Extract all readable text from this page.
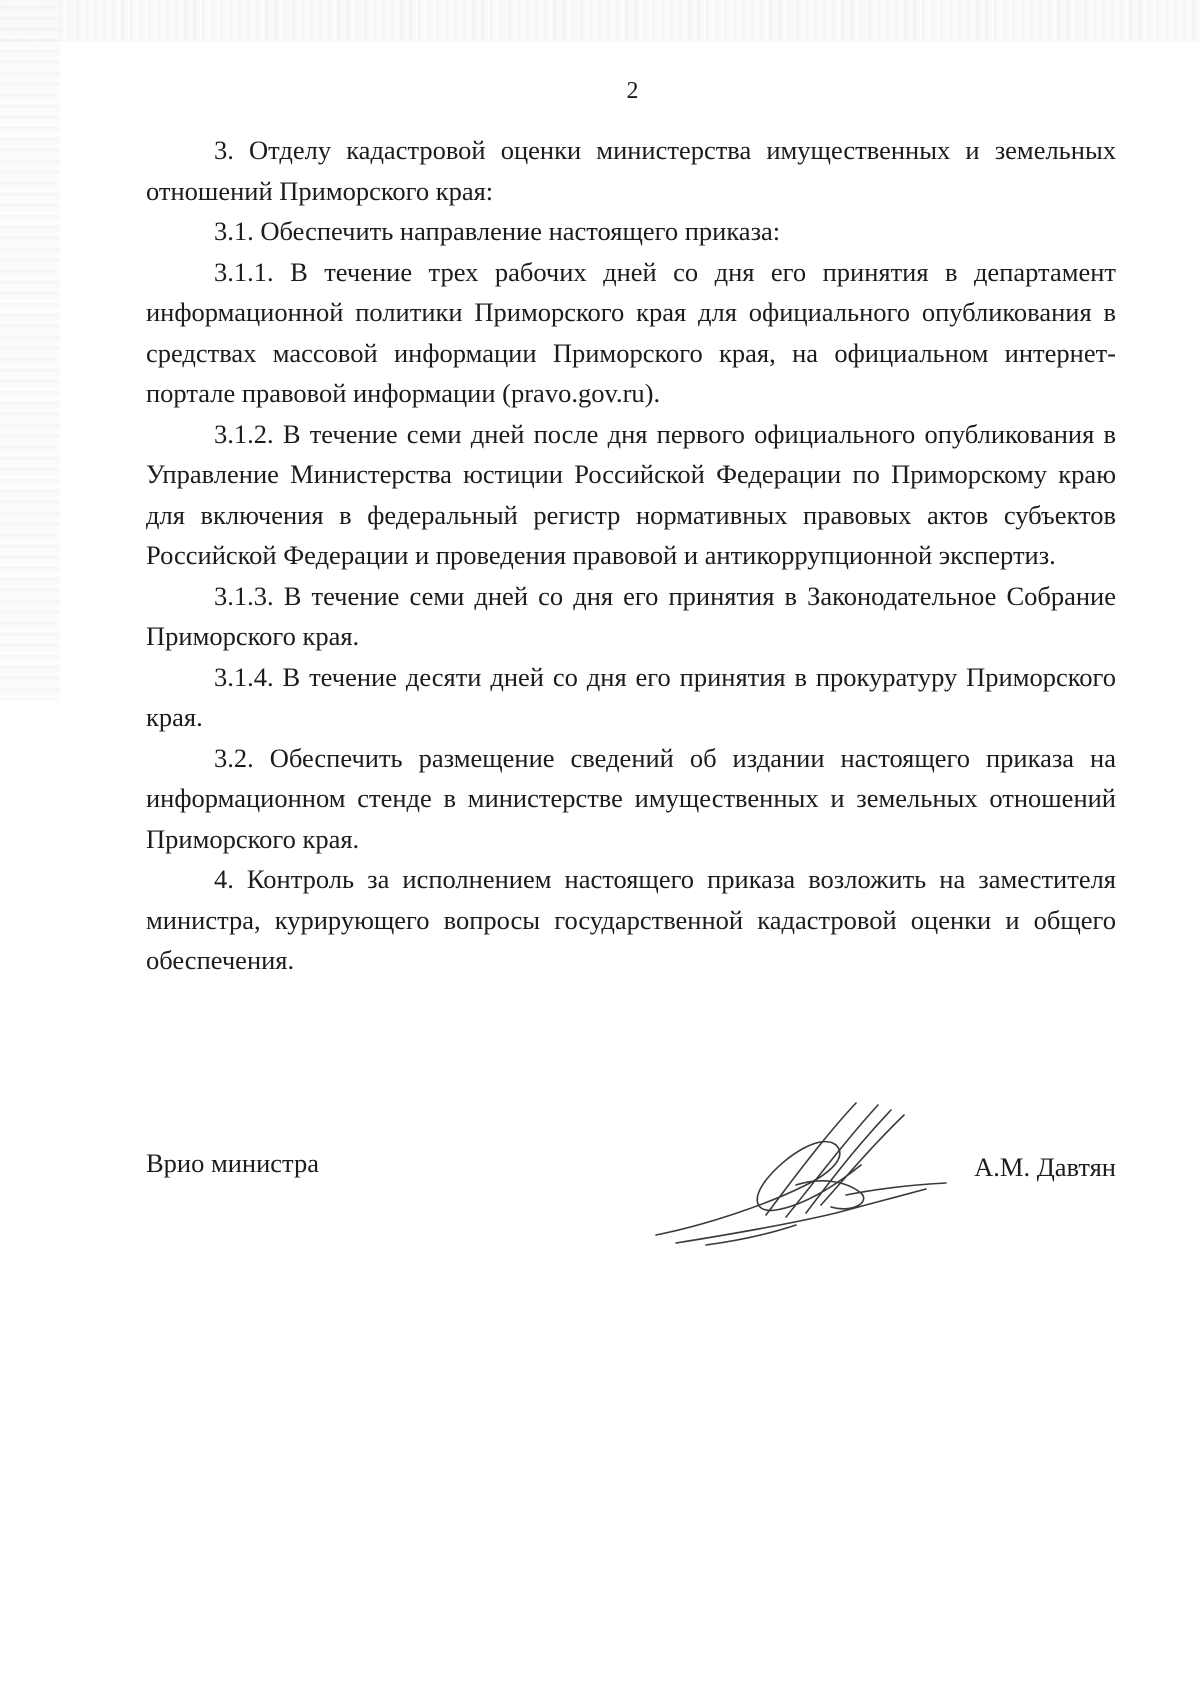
2

3. Отделу кадастровой оценки министерства имущественных и земельных отношений Приморского края:

3.1. Обеспечить направление настоящего приказа:

3.1.1. В течение трех рабочих дней со дня его принятия в департамент информационной политики Приморского края для официального опубликования в средствах массовой информации Приморского края, на официальном интернет-портале правовой информации (pravo.gov.ru).

3.1.2. В течение семи дней после дня первого официального опубликования в Управление Министерства юстиции Российской Федерации по Приморскому краю для включения в федеральный регистр нормативных правовых актов субъектов Российской Федерации и проведения правовой и антикоррупционной экспертиз.

3.1.3. В течение семи дней со дня его принятия в Законодательное Собрание Приморского края.

3.1.4. В течение десяти дней со дня его принятия в прокуратуру Приморского края.

3.2. Обеспечить размещение сведений об издании настоящего приказа на информационном стенде в министерстве имущественных и земельных отношений Приморского края.

4. Контроль за исполнением настоящего приказа возложить на заместителя министра, курирующего вопросы государственной кадастровой оценки и общего обеспечения.

Врио министра	А.М. Давтян
